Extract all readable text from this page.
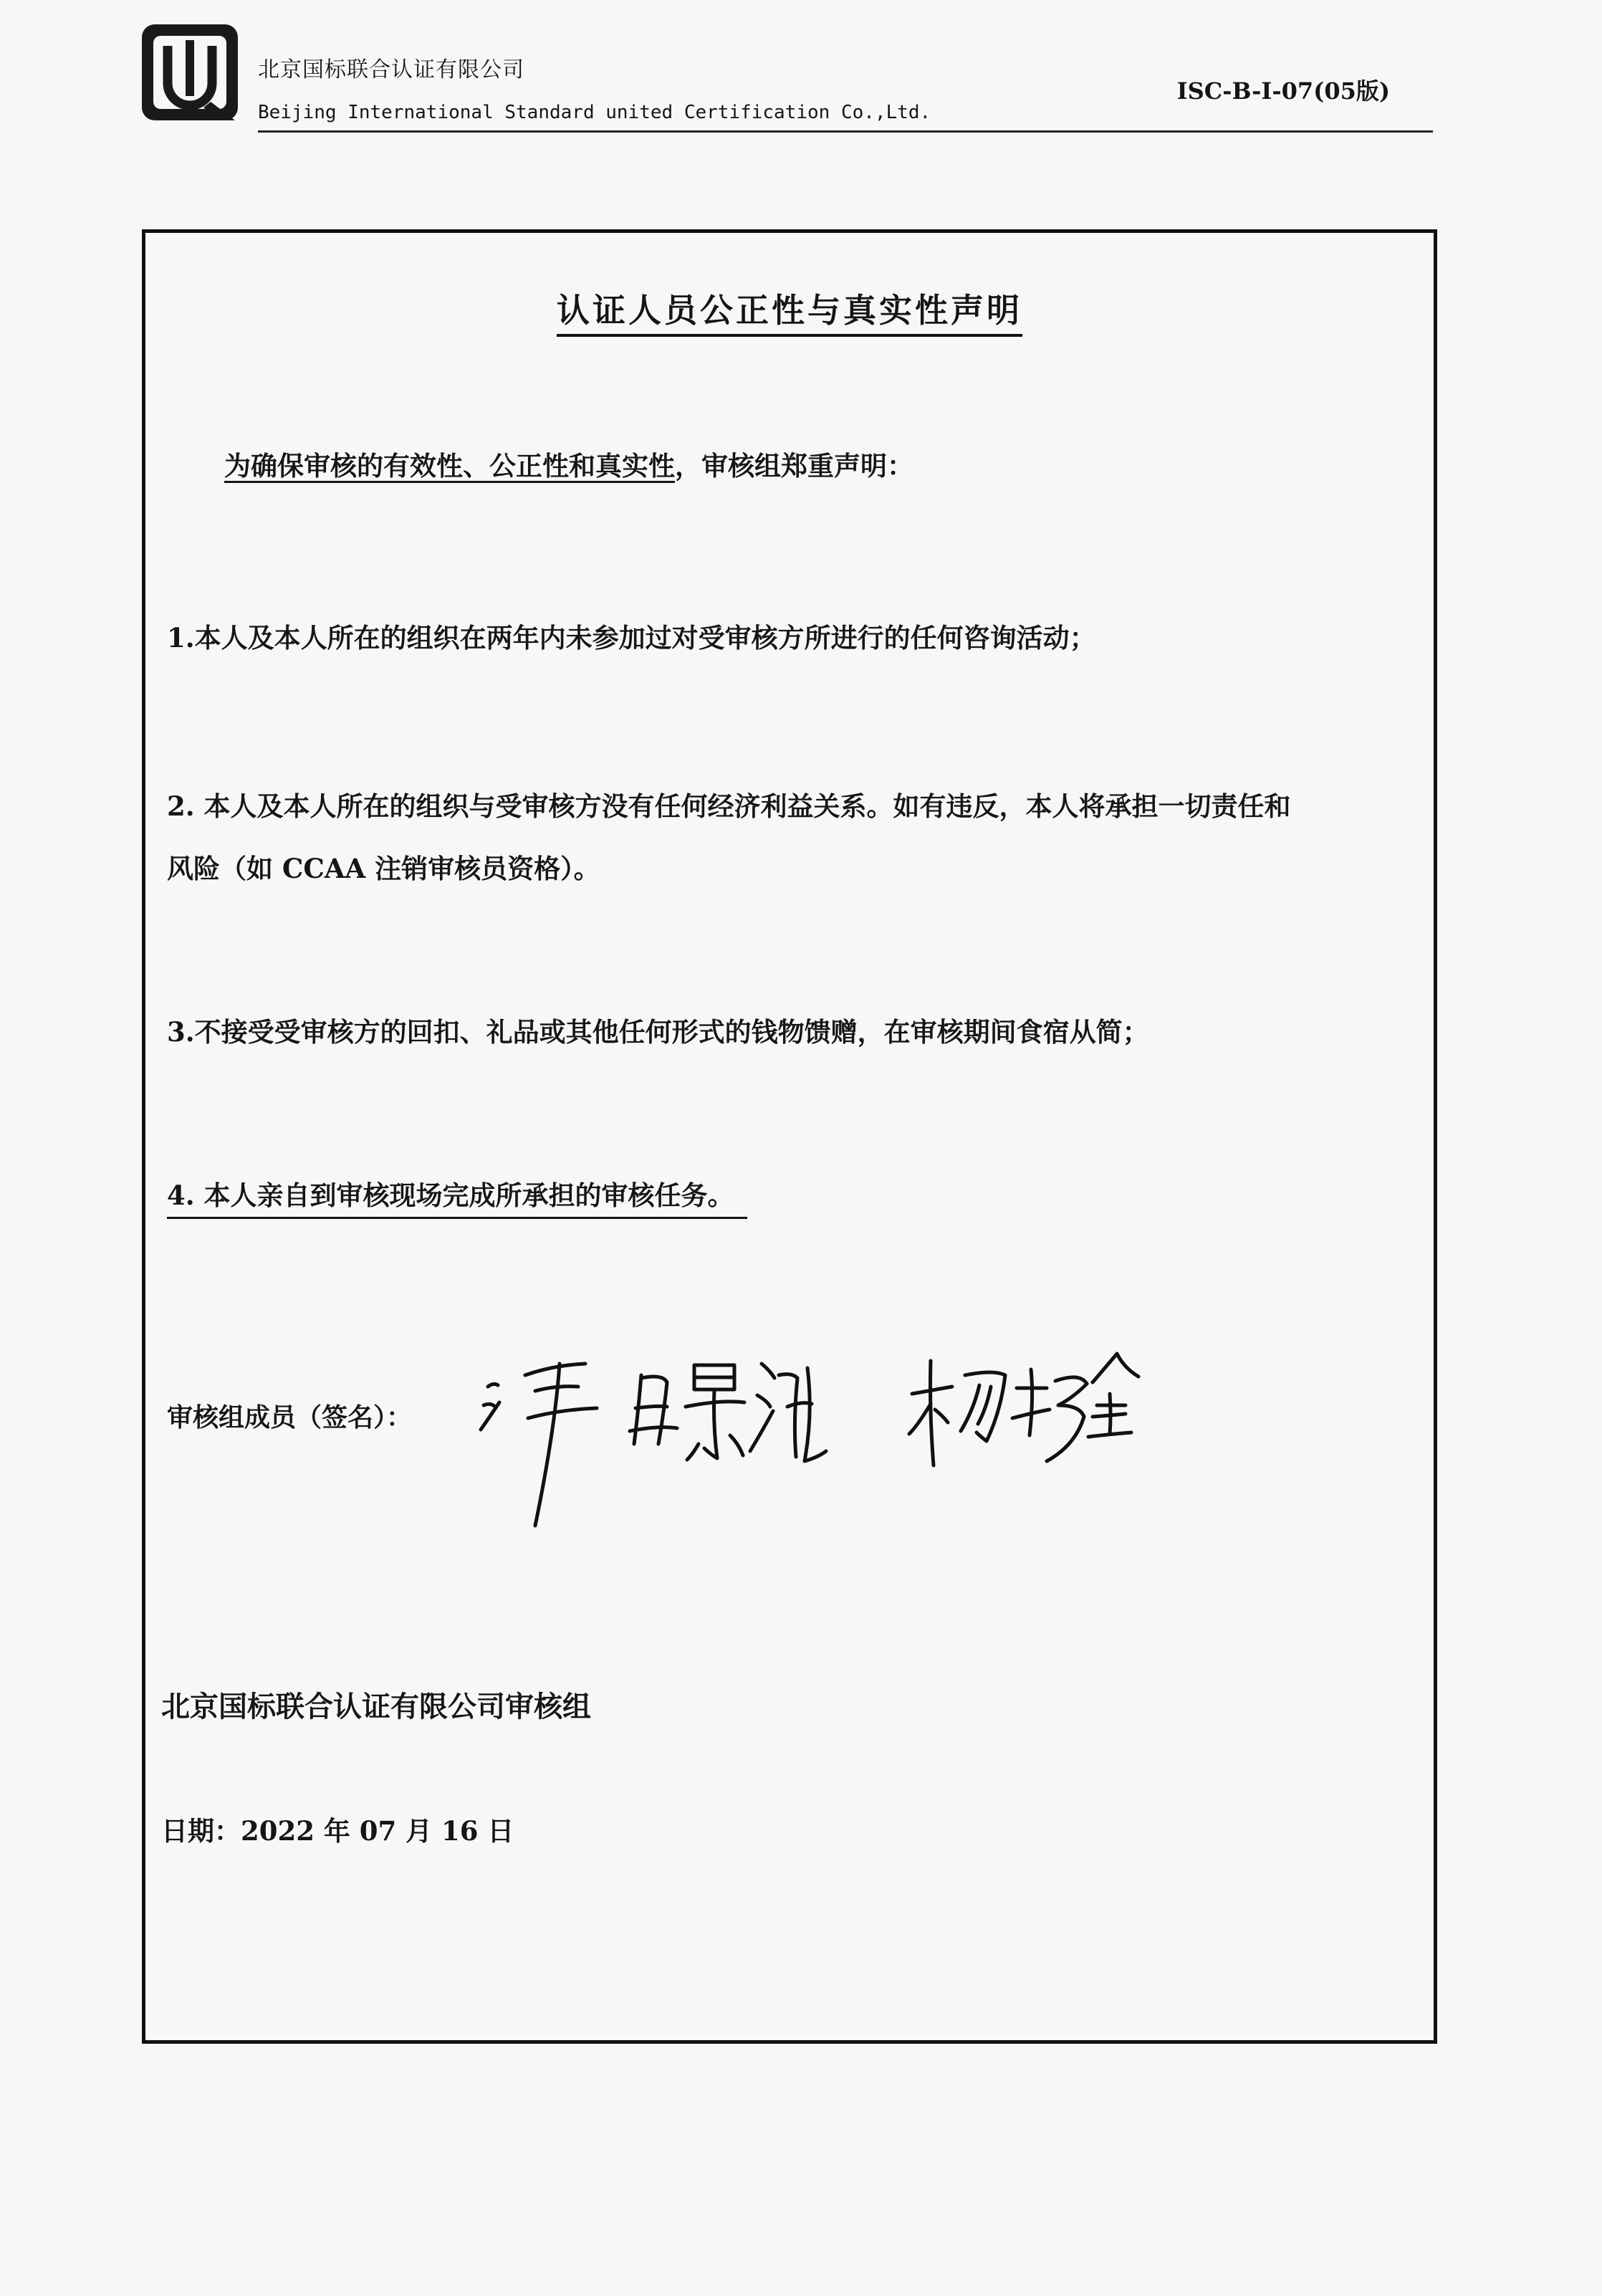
北京国标联合认证有限公司
Beijing International Standard united Certification Co.,Ltd.
ISC-B-I-07(05版)
认证人员公正性与真实性声明
为确保审核的有效性、公正性和真实性，审核组郑重声明：
1.本人及本人所在的组织在两年内未参加过对受审核方所进行的任何咨询活动；
2. 本人及本人所在的组织与受审核方没有任何经济利益关系。如有违反，本人将承担一切责任和
风险（如 CCAA 注销审核员资格）。
3.不接受受审核方的回扣、礼品或其他任何形式的钱物馈赠，在审核期间食宿从简；
4. 本人亲自到审核现场完成所承担的审核任务。
审核组成员（签名）：
北京国标联合认证有限公司审核组
日期：2022 年 07 月 16 日
